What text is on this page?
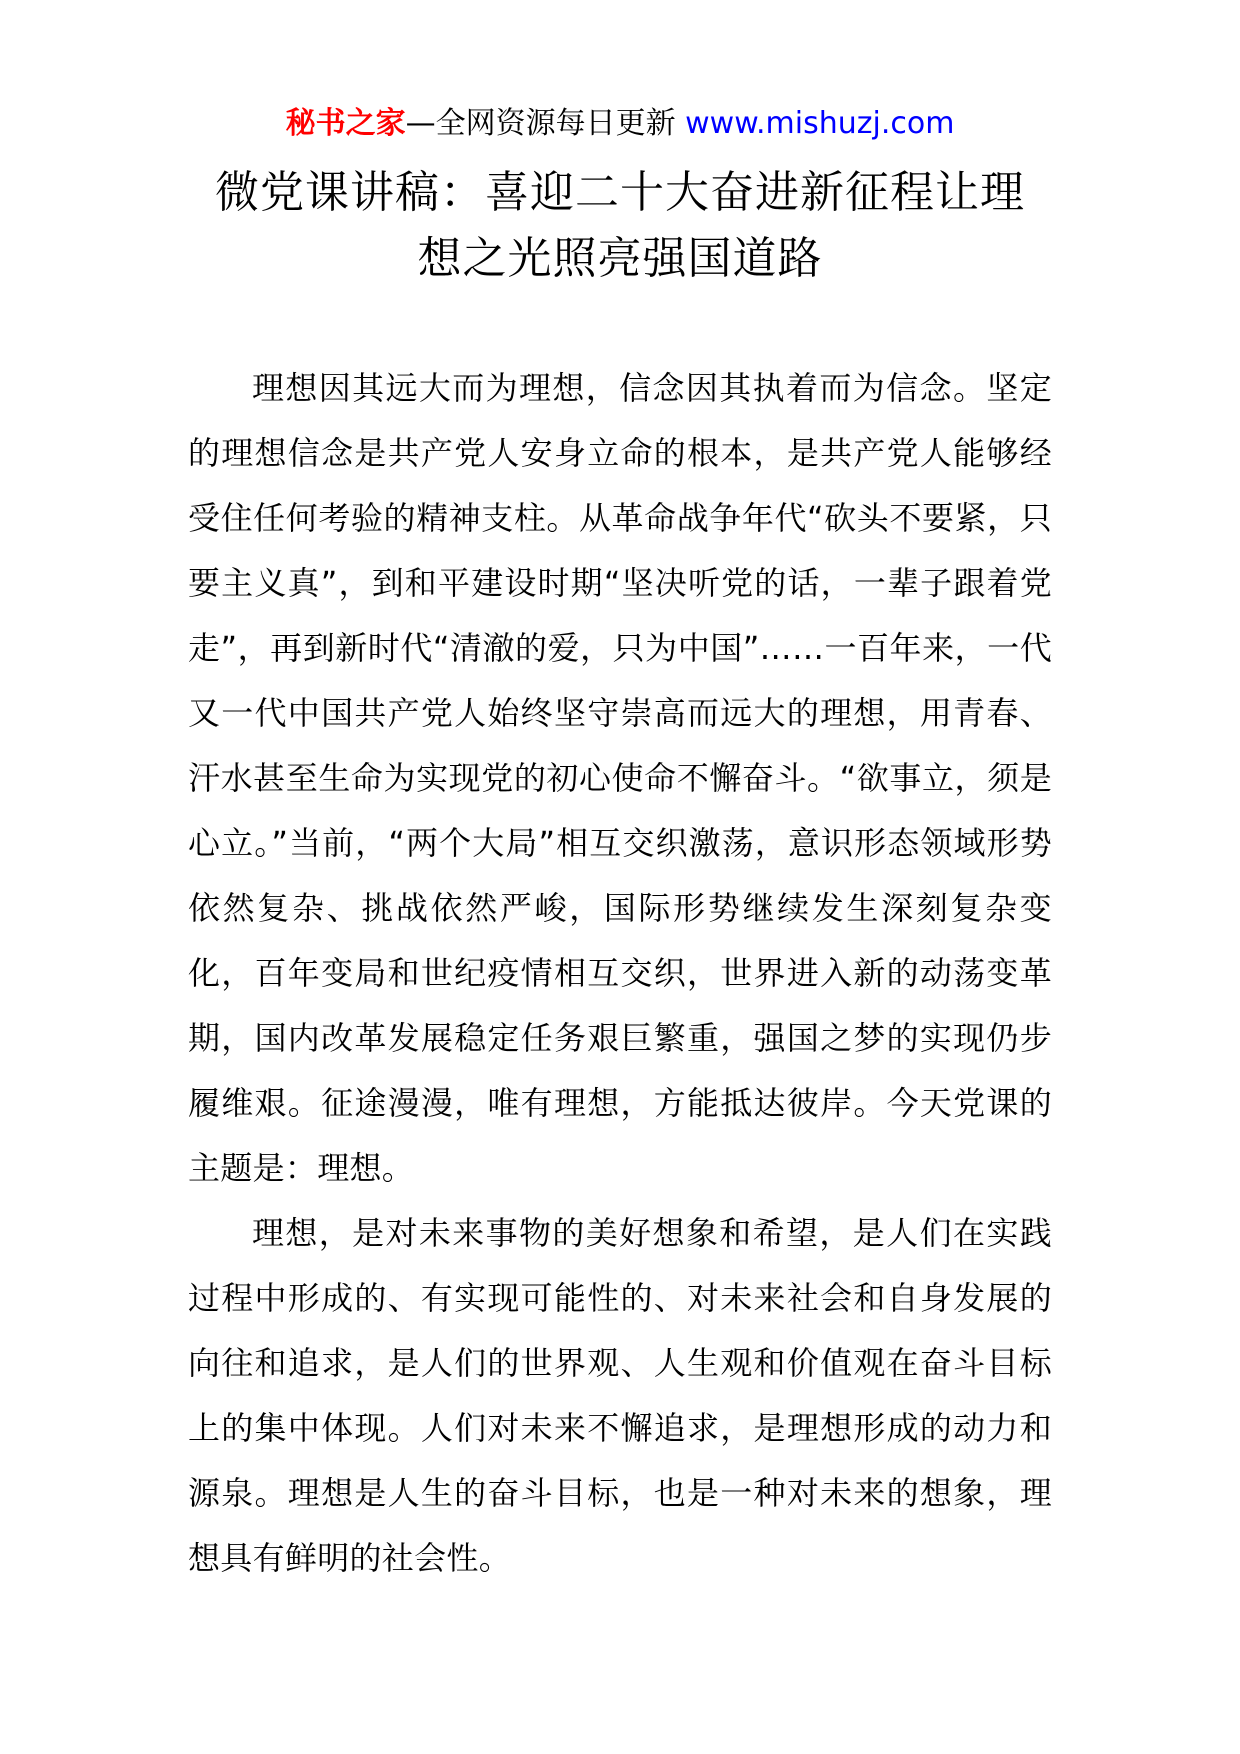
秘书之家—全网资源每日更新 www.mishuzj.com
微党课讲稿：喜迎二十大奋进新征程让理
想之光照亮强国道路

理想因其远大而为理想，信念因其执着而为信念。坚定的理想信念是共产党人安身立命的根本，是共产党人能够经受住任何考验的精神支柱。从革命战争年代“砍头不要紧，只要主义真”，到和平建设时期“坚决听党的话，一辈子跟着党走”，再到新时代“清澈的爱，只为中国”……一百年来，一代又一代中国共产党人始终坚守崇高而远大的理想，用青春、汗水甚至生命为实现党的初心使命不懈奋斗。“欲事立，须是心立。”当前，“两个大局”相互交织激荡，意识形态领域形势依然复杂、挑战依然严峻，国际形势继续发生深刻复杂变化，百年变局和世纪疫情相互交织，世界进入新的动荡变革期，国内改革发展稳定任务艰巨繁重，强国之梦的实现仍步履维艰。征途漫漫，唯有理想，方能抵达彼岸。今天党课的主题是：理想。

理想，是对未来事物的美好想象和希望，是人们在实践过程中形成的、有实现可能性的、对未来社会和自身发展的向往和追求，是人们的世界观、人生观和价值观在奋斗目标上的集中体现。人们对未来不懈追求，是理想形成的动力和源泉。理想是人生的奋斗目标，也是一种对未来的想象，理想具有鲜明的社会性。
